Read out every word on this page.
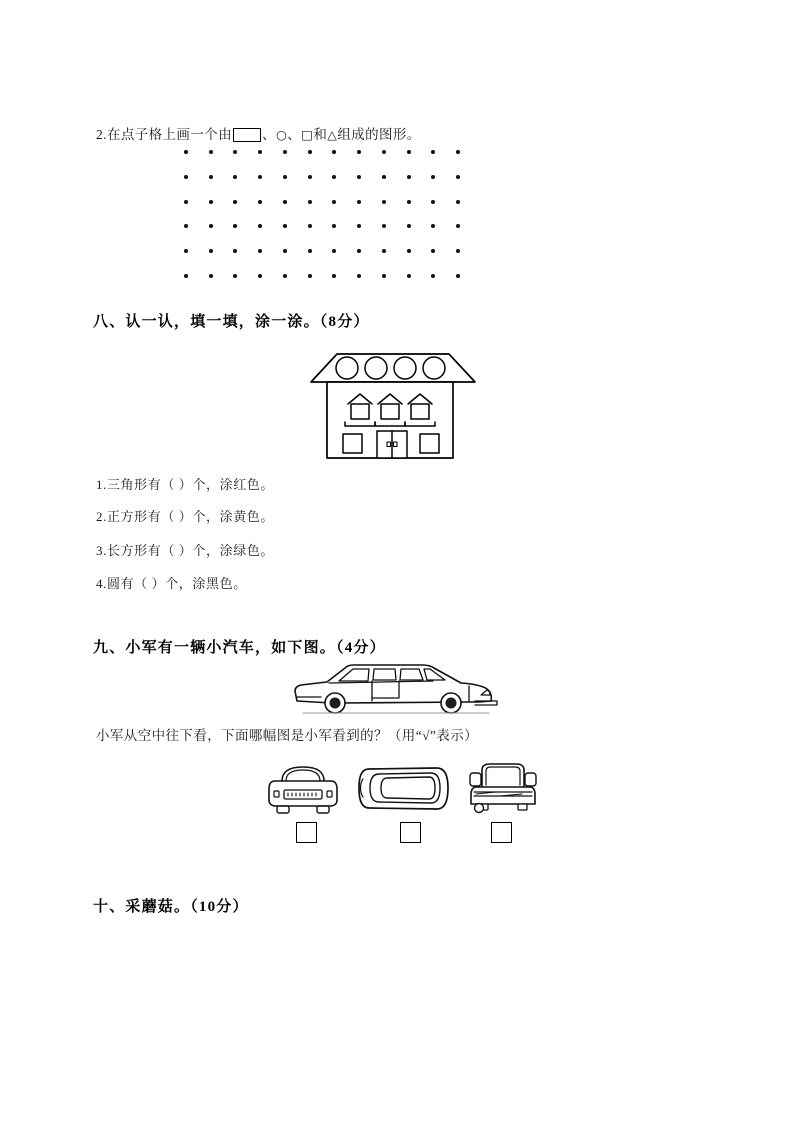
2.在点子格上画一个由 、○、□和△组成的图形。
八、认一认，填一填，涂一涂。（8分）
1.三角形有（ ）个，涂红色。
2.正方形有（ ）个，涂黄色。
3.长方形有（ ）个，涂绿色。
4.圆有（ ）个，涂黑色。
九、小军有一辆小汽车，如下图。（4分）
小军从空中往下看，下面哪幅图是小军看到的？（用“√”表示）
十、采蘑菇。（10分）
